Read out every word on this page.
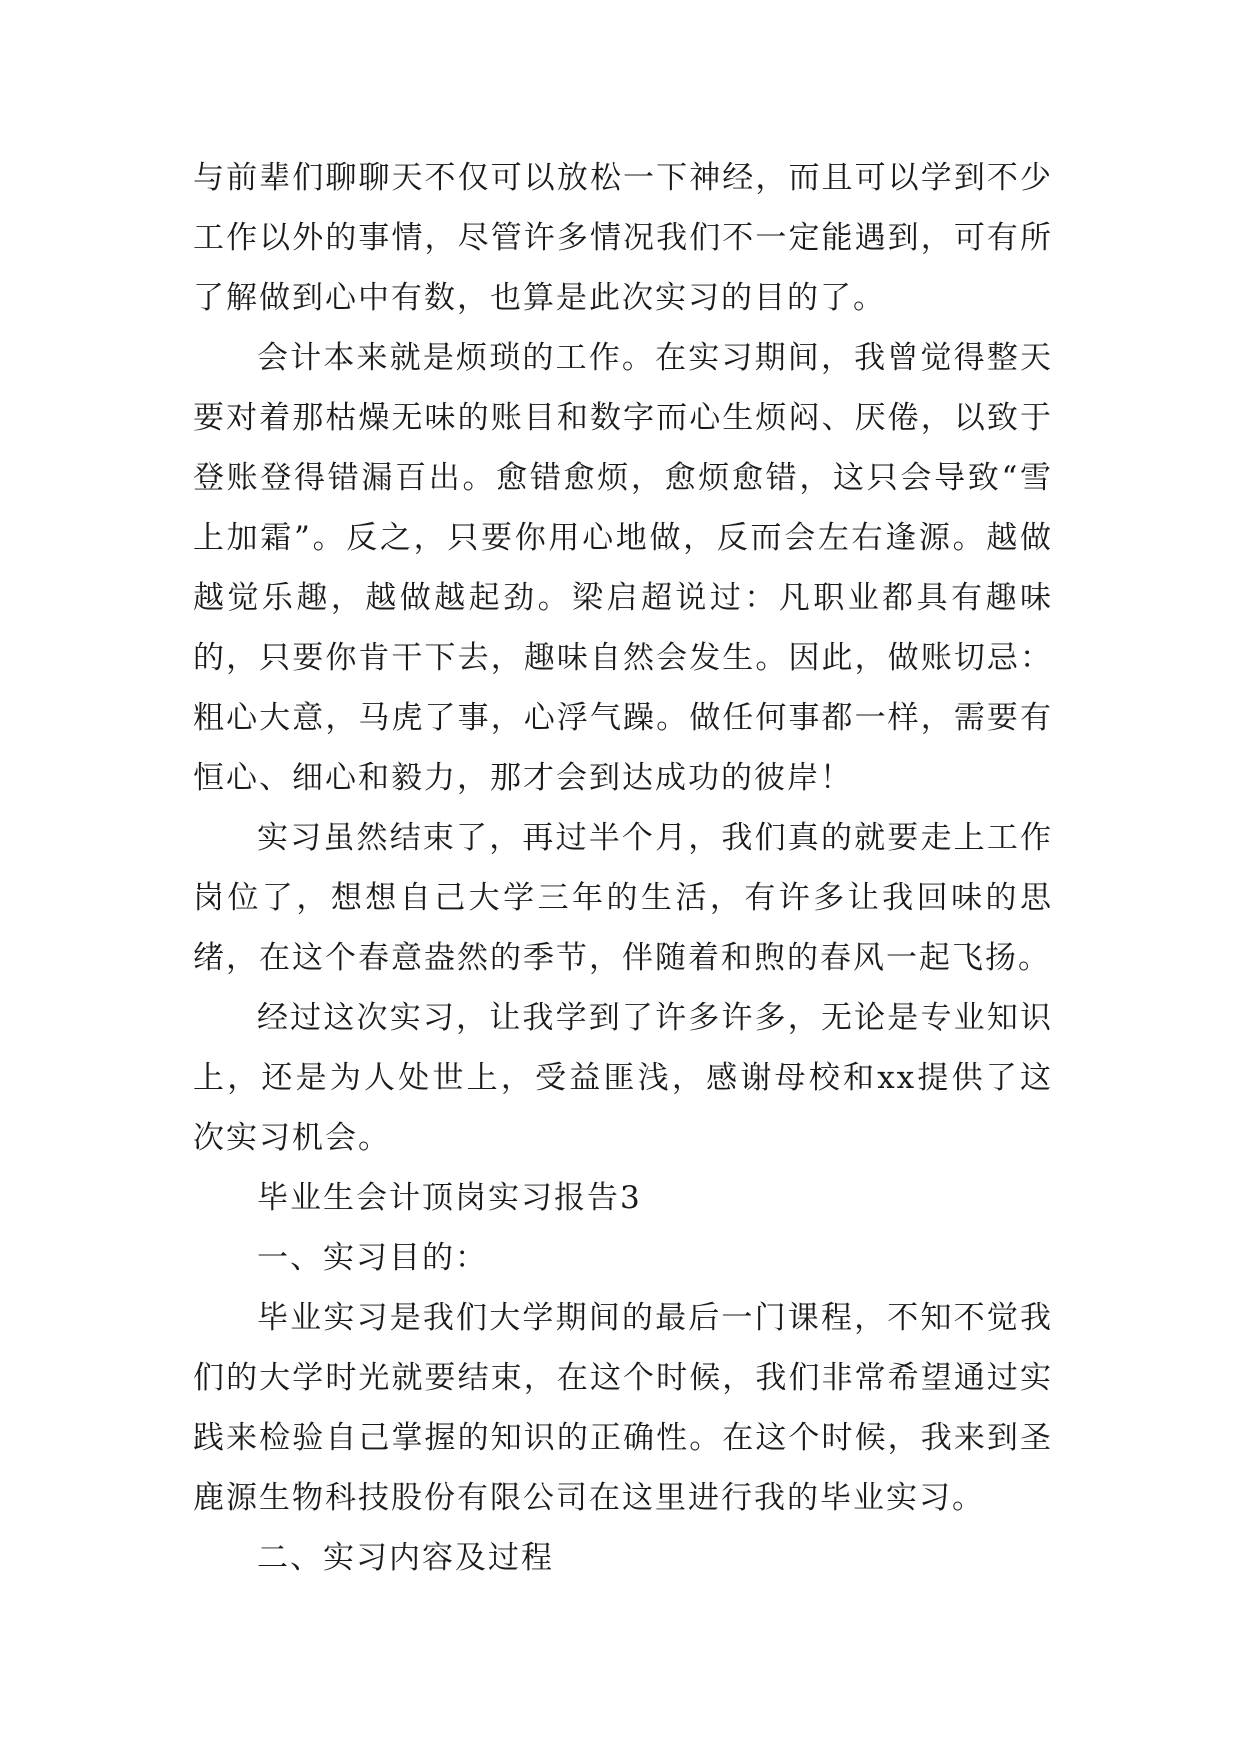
与前辈们聊聊天不仅可以放松一下神经，而且可以学到不少工作以外的事情，尽管许多情况我们不一定能遇到，可有所了解做到心中有数，也算是此次实习的目的了。

会计本来就是烦琐的工作。在实习期间，我曾觉得整天要对着那枯燥无味的账目和数字而心生烦闷、厌倦，以致于登账登得错漏百出。愈错愈烦，愈烦愈错，这只会导致“雪上加霜”。反之，只要你用心地做，反而会左右逢源。越做越觉乐趣，越做越起劲。梁启超说过：凡职业都具有趣味的，只要你肯干下去，趣味自然会发生。因此，做账切忌：粗心大意，马虎了事，心浮气躁。做任何事都一样，需要有恒心、细心和毅力，那才会到达成功的彼岸！

实习虽然结束了，再过半个月，我们真的就要走上工作岗位了，想想自己大学三年的生活，有许多让我回味的思绪，在这个春意盎然的季节，伴随着和煦的春风一起飞扬。

经过这次实习，让我学到了许多许多，无论是专业知识上，还是为人处世上，受益匪浅，感谢母校和xx提供了这次实习机会。

毕业生会计顶岗实习报告3

一、实习目的：

毕业实习是我们大学期间的最后一门课程，不知不觉我们的大学时光就要结束，在这个时候，我们非常希望通过实践来检验自己掌握的知识的正确性。在这个时候，我来到圣鹿源生物科技股份有限公司在这里进行我的毕业实习。

二、实习内容及过程
